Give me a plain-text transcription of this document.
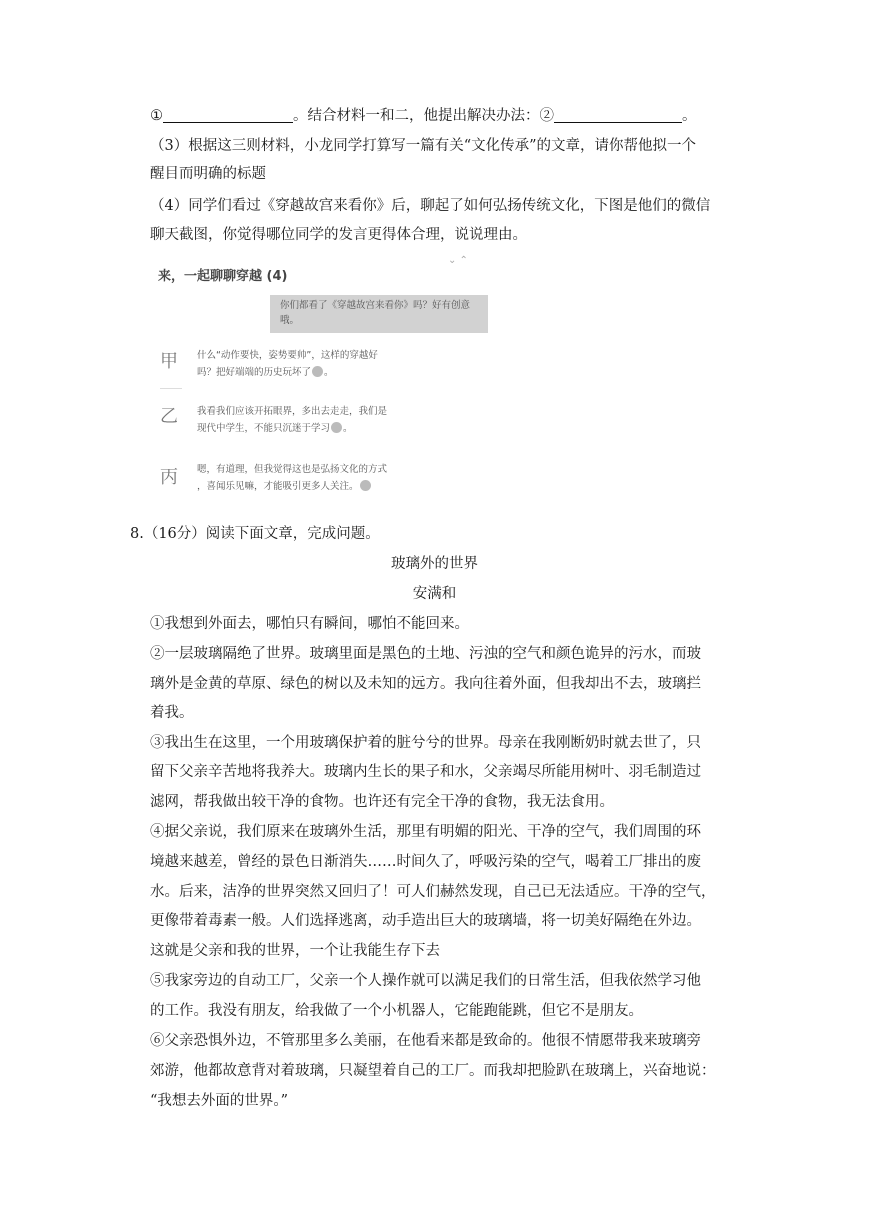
①	。结合材料一和二，他提出解决办法：②	。
（3）根据这三则材料，小龙同学打算写一篇有关“文化传承”的文章，请你帮他拟一个
醒目而明确的标题
（4）同学们看过《穿越故宫来看你》后，聊起了如何弘扬传统文化，下图是他们的微信
聊天截图，你觉得哪位同学的发言更得体合理，说说理由。
⌄ ⌃
来，一起聊聊穿越 (4)
你们都看了《穿越故宫来看你》吗？好有创意哦。
甲 什么“动作要快，姿势要帅”，这样的穿越好
吗？把好端端的历史玩坏了 。
乙 我看我们应该开拓眼界，多出去走走，我们是
现代中学生，不能只沉迷于学习 。
丙 嗯，有道理，但我觉得这也是弘扬文化的方式
，喜闻乐见嘛，才能吸引更多人关注。
8.（16分）阅读下面文章，完成问题。
玻璃外的世界
安满和
①我想到外面去，哪怕只有瞬间，哪怕不能回来。
②一层玻璃隔绝了世界。玻璃里面是黑色的土地、污浊的空气和颜色诡异的污水，而玻
璃外是金黄的草原、绿色的树以及未知的远方。我向往着外面，但我却出不去，玻璃拦
着我。
③我出生在这里，一个用玻璃保护着的脏兮兮的世界。母亲在我刚断奶时就去世了，只
留下父亲辛苦地将我养大。玻璃内生长的果子和水，父亲竭尽所能用树叶、羽毛制造过
滤网，帮我做出较干净的食物。也许还有完全干净的食物，我无法食用。
④据父亲说，我们原来在玻璃外生活，那里有明媚的阳光、干净的空气，我们周围的环
境越来越差，曾经的景色日渐消失……时间久了，呼吸污染的空气，喝着工厂排出的废
水。后来，洁净的世界突然又回归了！可人们赫然发现，自己已无法适应。干净的空气，
更像带着毒素一般。人们选择逃离，动手造出巨大的玻璃墙，将一切美好隔绝在外边。
这就是父亲和我的世界，一个让我能生存下去
⑤我家旁边的自动工厂，父亲一个人操作就可以满足我们的日常生活，但我依然学习他
的工作。我没有朋友，给我做了一个小机器人，它能跑能跳，但它不是朋友。
⑥父亲恐惧外边，不管那里多么美丽，在他看来都是致命的。他很不情愿带我来玻璃旁
郊游，他都故意背对着玻璃，只凝望着自己的工厂。而我却把脸趴在玻璃上，兴奋地说：
“我想去外面的世界。”
